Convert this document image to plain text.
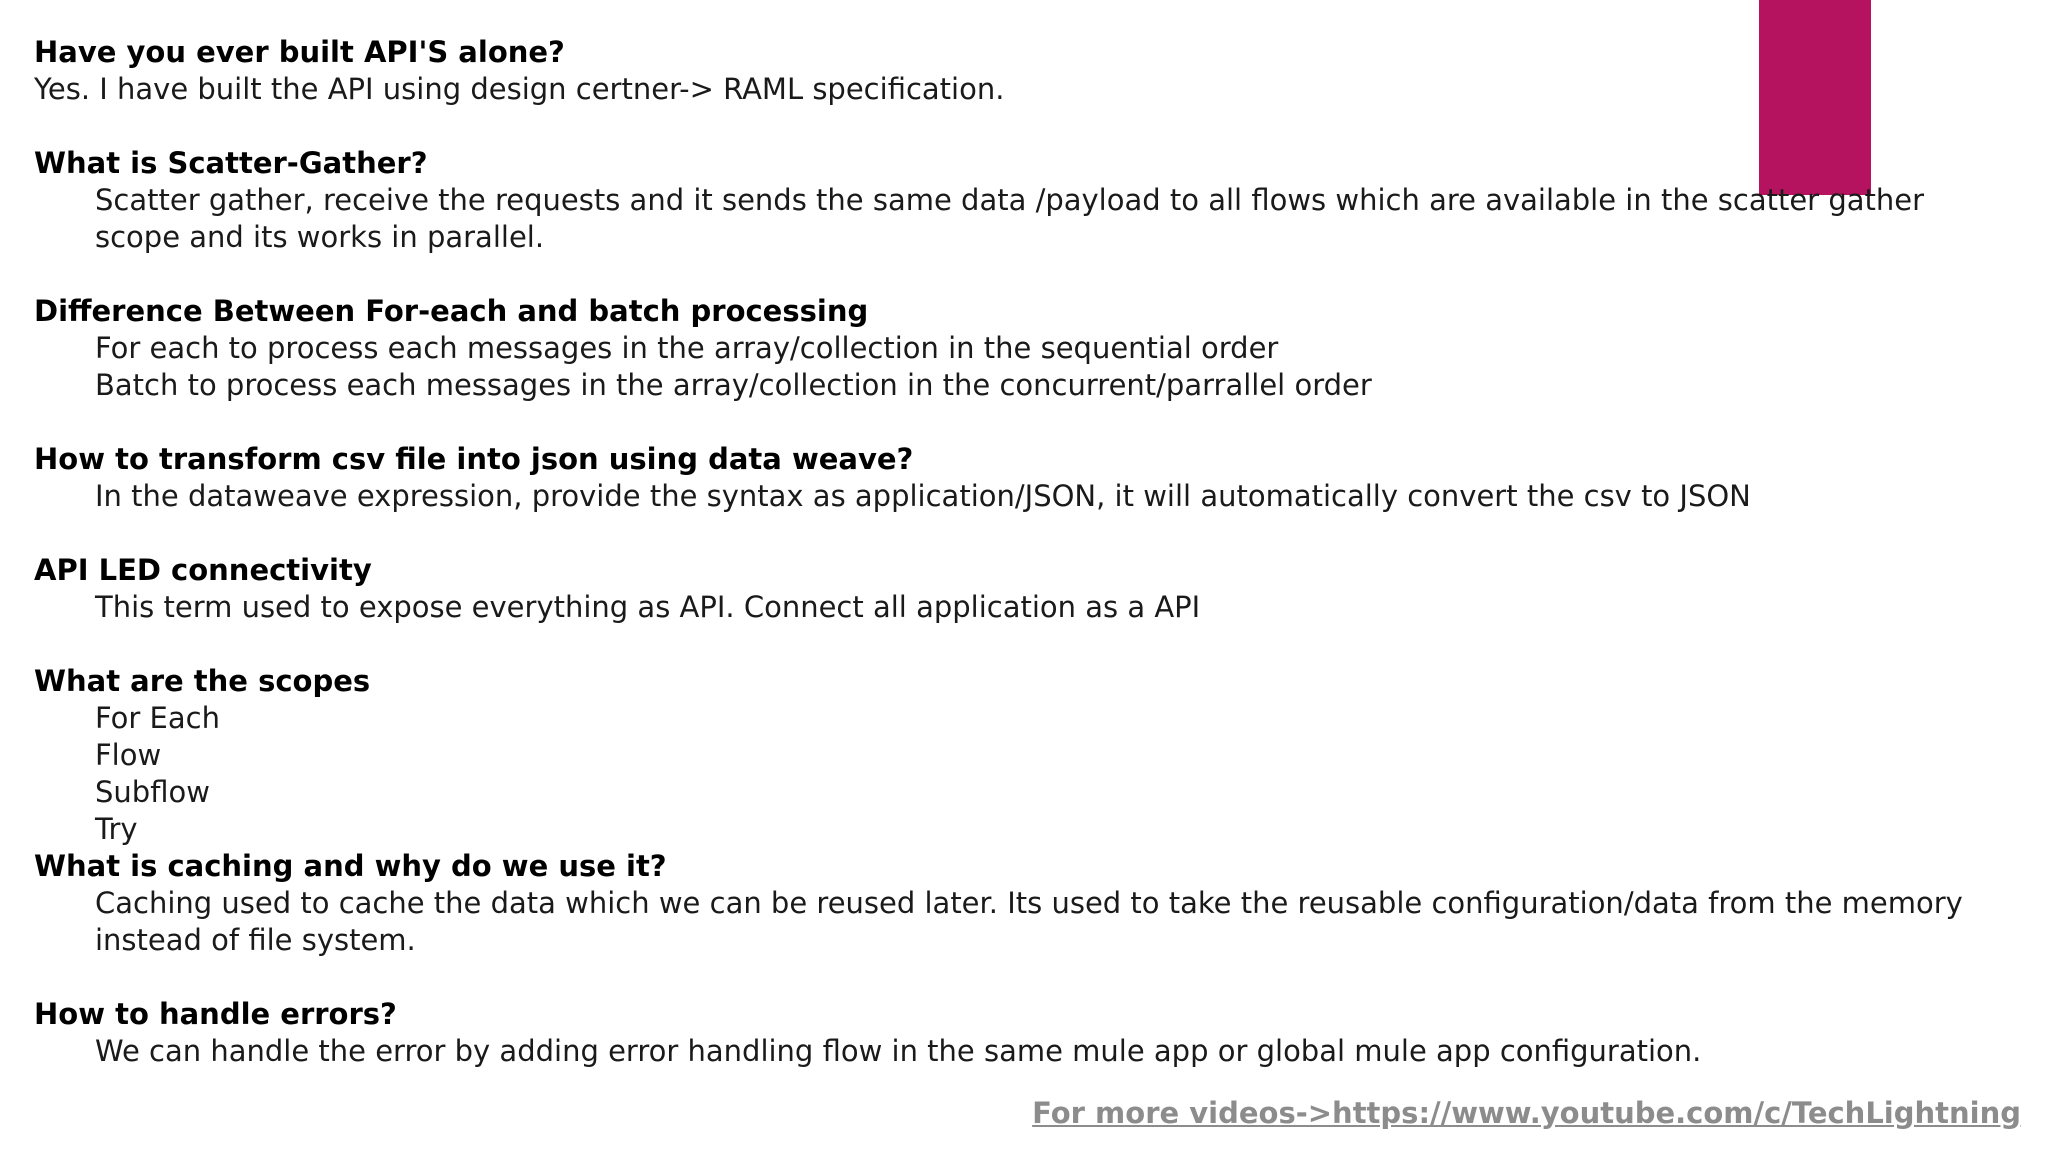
Have you ever built API'S alone?
Yes. I have built the API using design certner-> RAML specification.
What is Scatter-Gather?
Scatter gather, receive the requests and it sends the same data /payload to all flows which are available in the scatter gather scope and its works in parallel.
Difference Between For-each and batch processing
For each to process each messages in the array/collection in the sequential order
Batch to process each messages in the array/collection in the concurrent/parrallel order
How to transform csv file into json using data weave?
In the dataweave expression, provide the syntax as application/JSON, it will automatically convert the csv to JSON
API LED connectivity
This term used to expose everything as API. Connect all application as a API
What are the scopes
For Each
Flow
Subflow
Try
What is caching and why do we use it?
Caching used to cache the data which we can be reused later. Its used to take the reusable configuration/data from the memory instead of file system.
How to handle errors?
We can handle the error by adding error handling flow in the same mule app or global mule app configuration.
For more videos->https://www.youtube.com/c/TechLightning
